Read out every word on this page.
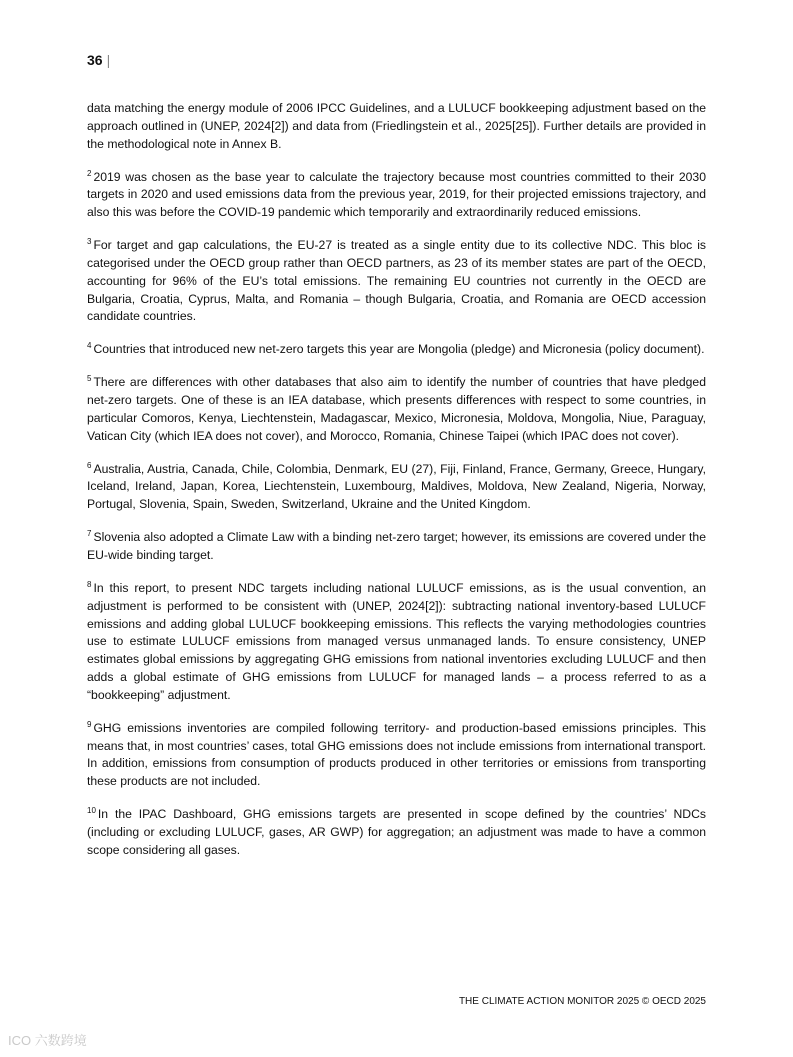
36 |

data matching the energy module of 2006 IPCC Guidelines, and a LULUCF bookkeeping adjustment based on the approach outlined in (UNEP, 2024[2]) and data from (Friedlingstein et al., 2025[25]). Further details are provided in the methodological note in Annex B.

$^2$ 2019 was chosen as the base year to calculate the trajectory because most countries committed to their 2030 targets in 2020 and used emissions data from the previous year, 2019, for their projected emissions trajectory, and also this was before the COVID-19 pandemic which temporarily and extraordinarily reduced emissions.

$^3$ For target and gap calculations, the EU-27 is treated as a single entity due to its collective NDC. This bloc is categorised under the OECD group rather than OECD partners, as 23 of its member states are part of the OECD, accounting for 96% of the EU’s total emissions. The remaining EU countries not currently in the OECD are Bulgaria, Croatia, Cyprus, Malta, and Romania – though Bulgaria, Croatia, and Romania are OECD accession candidate countries.

$^4$ Countries that introduced new net-zero targets this year are Mongolia (pledge) and Micronesia (policy document).

$^5$ There are differences with other databases that also aim to identify the number of countries that have pledged net-zero targets. One of these is an IEA database, which presents differences with respect to some countries, in particular Comoros, Kenya, Liechtenstein, Madagascar, Mexico, Micronesia, Moldova, Mongolia, Niue, Paraguay, Vatican City (which IEA does not cover), and Morocco, Romania, Chinese Taipei (which IPAC does not cover).

$^6$ Australia, Austria, Canada, Chile, Colombia, Denmark, EU (27), Fiji, Finland, France, Germany, Greece, Hungary, Iceland, Ireland, Japan, Korea, Liechtenstein, Luxembourg, Maldives, Moldova, New Zealand, Nigeria, Norway, Portugal, Slovenia, Spain, Sweden, Switzerland, Ukraine and the United Kingdom.

$^7$ Slovenia also adopted a Climate Law with a binding net-zero target; however, its emissions are covered under the EU-wide binding target.

$^8$ In this report, to present NDC targets including national LULUCF emissions, as is the usual convention, an adjustment is performed to be consistent with (UNEP, 2024[2]): subtracting national inventory-based LULUCF emissions and adding global LULUCF bookkeeping emissions. This reflects the varying methodologies countries use to estimate LULUCF emissions from managed versus unmanaged lands. To ensure consistency, UNEP estimates global emissions by aggregating GHG emissions from national inventories excluding LULUCF and then adds a global estimate of GHG emissions from LULUCF for managed lands – a process referred to as a “bookkeeping” adjustment.

$^9$ GHG emissions inventories are compiled following territory- and production-based emissions principles. This means that, in most countries’ cases, total GHG emissions does not include emissions from international transport. In addition, emissions from consumption of products produced in other territories or emissions from transporting these products are not included.

$^{10}$ In the IPAC Dashboard, GHG emissions targets are presented in scope defined by the countries’ NDCs (including or excluding LULUCF, gases, AR GWP) for aggregation; an adjustment was made to have a common scope considering all gases.

THE CLIMATE ACTION MONITOR 2025 © OECD 2025
ICO 六数跨境
